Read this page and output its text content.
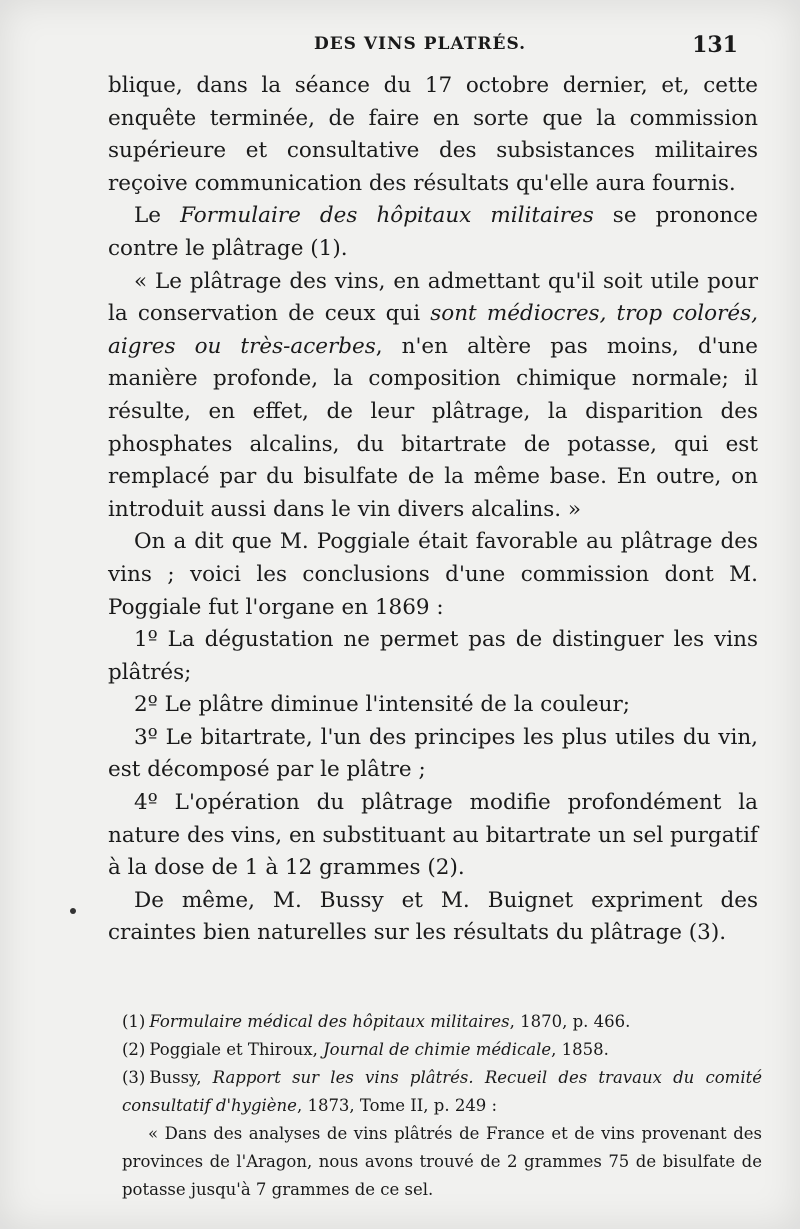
DES VINS PLATRÉS.	131

blique, dans la séance du 17 octobre dernier, et, cette enquête terminée, de faire en sorte que la commission supérieure et consultative des subsistances militaires reçoive communication des résultats qu'elle aura fournis.

Le Formulaire des hôpitaux militaires se prononce contre le plâtrage (1).

« Le plâtrage des vins, en admettant qu'il soit utile pour la conservation de ceux qui sont médiocres, trop colorés, aigres ou très-acerbes, n'en altère pas moins, d'une manière profonde, la composition chimique normale; il résulte, en effet, de leur plâtrage, la disparition des phosphates alcalins, du bitartrate de potasse, qui est remplacé par du bisulfate de la même base. En outre, on introduit aussi dans le vin divers alcalins. »

On a dit que M. Poggiale était favorable au plâtrage des vins ; voici les conclusions d'une commission dont M. Poggiale fut l'organe en 1869 :

1º La dégustation ne permet pas de distinguer les vins plâtrés;

2º Le plâtre diminue l'intensité de la couleur;

3º Le bitartrate, l'un des principes les plus utiles du vin, est décomposé par le plâtre ;

4º L'opération du plâtrage modifie profondément la nature des vins, en substituant au bitartrate un sel purgatif à la dose de 1 à 12 grammes (2).

De même, M. Bussy et M. Buignet expriment des craintes bien naturelles sur les résultats du plâtrage (3).

(1) Formulaire médical des hôpitaux militaires, 1870, p. 466.

(2) Poggiale et Thiroux, Journal de chimie médicale, 1858.

(3) Bussy, Rapport sur les vins plâtrés. Recueil des travaux du comité consultatif d'hygiène, 1873, Tome II, p. 249 :

« Dans des analyses de vins plâtrés de France et de vins provenant des provinces de l'Aragon, nous avons trouvé de 2 grammes 75 de bisulfate de potasse jusqu'à 7 grammes de ce sel.
